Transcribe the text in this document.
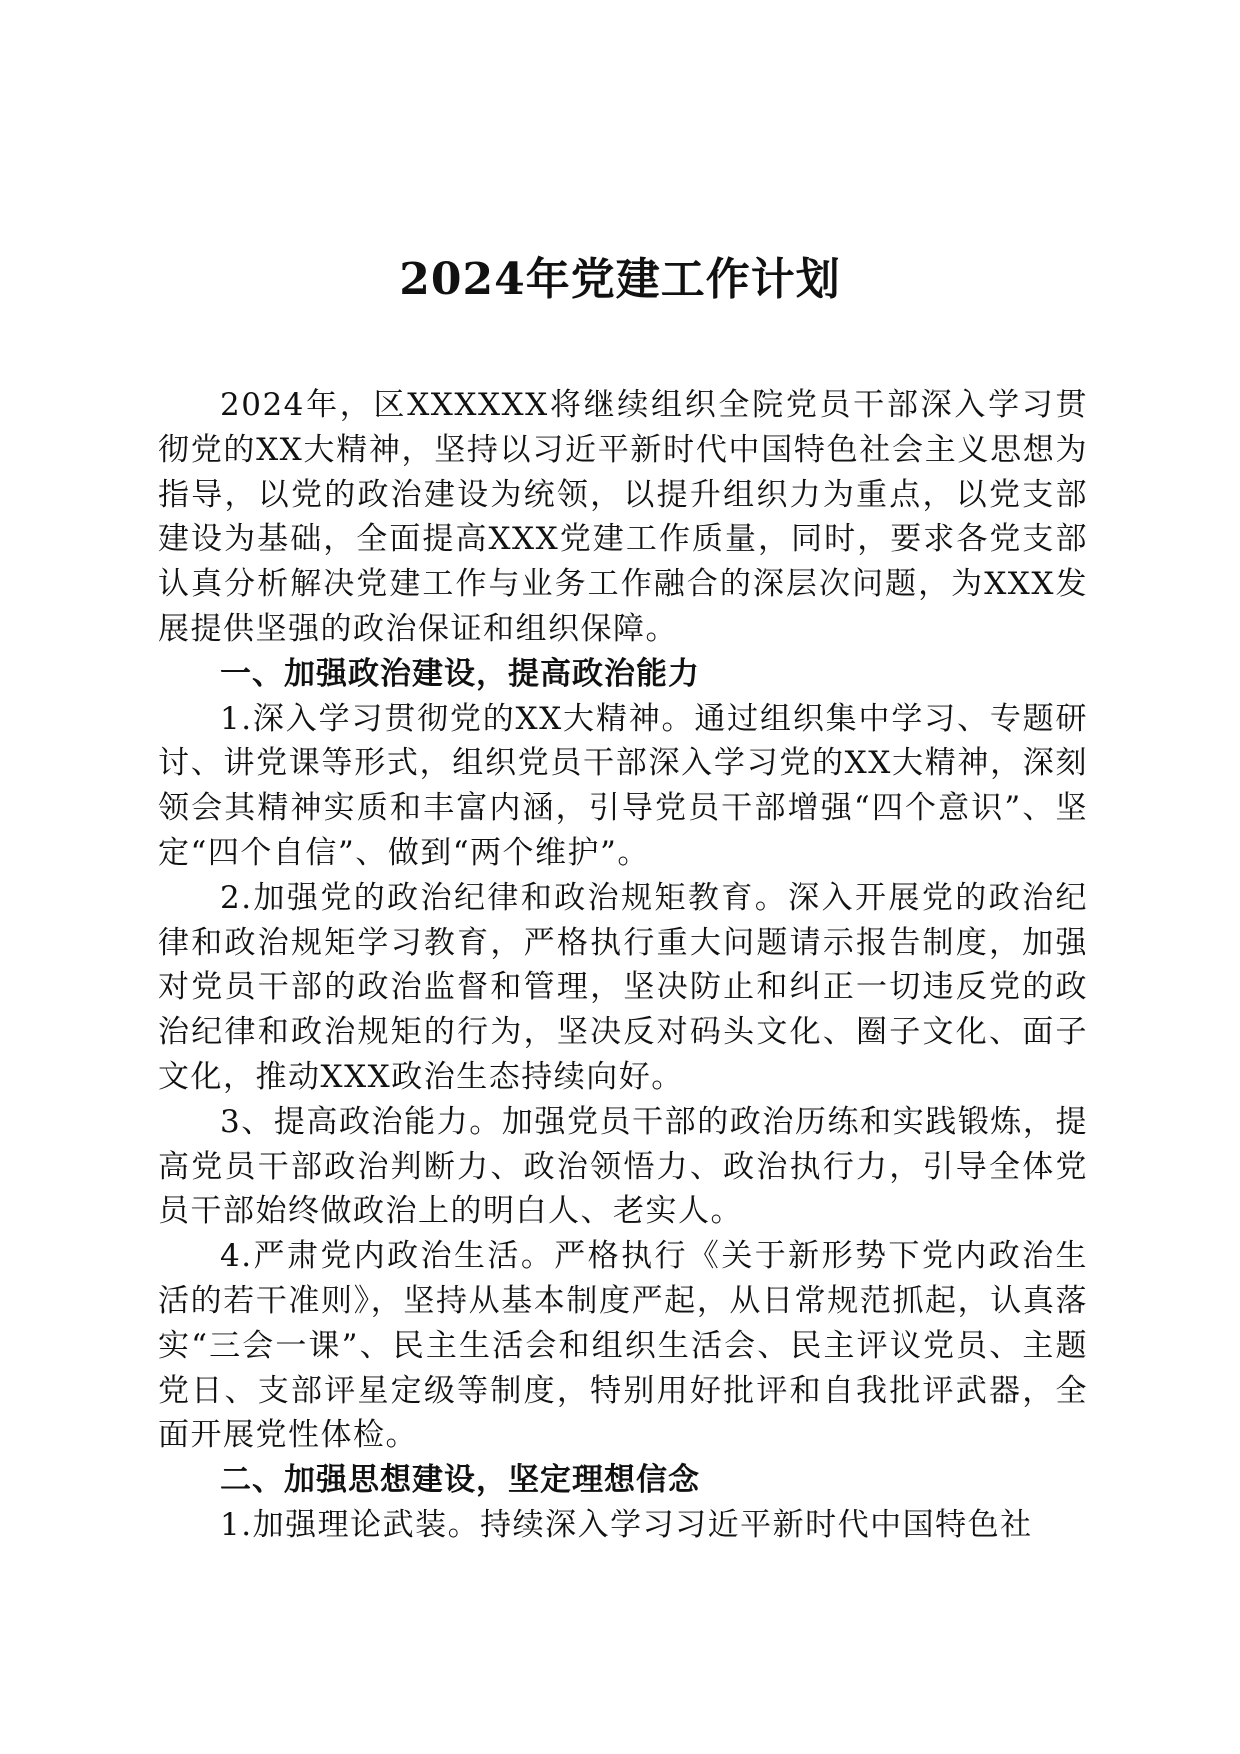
2024年党建工作计划

2024年，区XXXXXX将继续组织全院党员干部深入学习贯彻党的XX大精神，坚持以习近平新时代中国特色社会主义思想为指导，以党的政治建设为统领，以提升组织力为重点，以党支部建设为基础，全面提高XXX党建工作质量，同时，要求各党支部认真分析解决党建工作与业务工作融合的深层次问题，为XXX发展提供坚强的政治保证和组织保障。

一、加强政治建设，提高政治能力

1.深入学习贯彻党的XX大精神。通过组织集中学习、专题研讨、讲党课等形式，组织党员干部深入学习党的XX大精神，深刻领会其精神实质和丰富内涵，引导党员干部增强“四个意识”、坚定“四个自信”、做到“两个维护”。

2.加强党的政治纪律和政治规矩教育。深入开展党的政治纪律和政治规矩学习教育，严格执行重大问题请示报告制度，加强对党员干部的政治监督和管理，坚决防止和纠正一切违反党的政治纪律和政治规矩的行为，坚决反对码头文化、圈子文化、面子文化，推动XXX政治生态持续向好。

3、提高政治能力。加强党员干部的政治历练和实践锻炼，提高党员干部政治判断力、政治领悟力、政治执行力，引导全体党员干部始终做政治上的明白人、老实人。

4.严肃党内政治生活。严格执行《关于新形势下党内政治生活的若干准则》，坚持从基本制度严起，从日常规范抓起，认真落实“三会一课”、民主生活会和组织生活会、民主评议党员、主题党日、支部评星定级等制度，特别用好批评和自我批评武器，全面开展党性体检。

二、加强思想建设，坚定理想信念

1.加强理论武装。持续深入学习习近平新时代中国特色社
